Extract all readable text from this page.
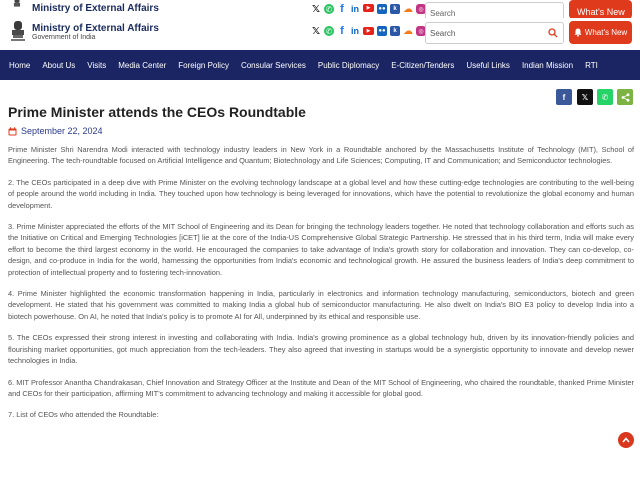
Ministry of External Affairs	𝕏 ✆ f in	▶	●●	k ☁ ◎ Search	What's New
Ministry of External Affairs
Government of India
𝕏 ✆ f in	▶	●●	k ☁ ◎
Search	What's New
Home About Us Visits Media Center Foreign Policy Consular Services Public Diplomacy E-Citizen/Tenders Useful Links Indian Mission RTI
f	𝕏	✆
Prime Minister attends the CEOs Roundtable
September 22, 2024

Prime Minister Shri Narendra Modi interacted with technology industry leaders in New York in a Roundtable anchored by the Massachusetts Institute of Technology (MIT), School of Engineering. The tech-roundtable focused on Artificial Intelligence and Quantum; Biotechnology and Life Sciences; Computing, IT and Communication; and Semiconductor technologies.

2. The CEOs participated in a deep dive with Prime Minister on the evolving technology landscape at a global level and how these cutting-edge technologies are contributing to the well-being of people around the world including in India. They touched upon how technology is being leveraged for innovations, which have the potential to revolutionize the global economy and human development.

3. Prime Minister appreciated the efforts of the MIT School of Engineering and its Dean for bringing the technology leaders together. He noted that technology collaboration and efforts such as the Initiative on Critical and Emerging Technologies [iCET] lie at the core of the India-US Comprehensive Global Strategic Partnership. He stressed that in his third term, India will make every effort to become the third largest economy in the world. He encouraged the companies to take advantage of India's growth story for collaboration and innovation. They can co-develop, co-design, and co-produce in India for the world, harnessing the opportunities from India's economic and technological growth. He assured the business leaders of India's deep commitment to protection of intellectual property and to fostering tech-innovation.

4. Prime Minister highlighted the economic transformation happening in India, particularly in electronics and information technology manufacturing, semiconductors, biotech and green development. He stated that his government was committed to making India a global hub of semiconductor manufacturing. He also dwelt on India's BIO E3 policy to develop India into a biotech powerhouse. On AI, he noted that India's policy is to promote AI for All, underpinned by its ethical and responsible use.

5. The CEOs expressed their strong interest in investing and collaborating with India. India's growing prominence as a global technology hub, driven by its innovation-friendly policies and flourishing market opportunities, got much appreciation from the tech-leaders. They also agreed that investing in startups would be a synergistic opportunity to innovate and develop newer technologies in India.

6. MIT Professor Anantha Chandrakasan, Chief Innovation and Strategy Officer at the Institute and Dean of the MIT School of Engineering, who chaired the roundtable, thanked Prime Minister and CEOs for their participation, affirming MIT's commitment to advancing technology and making it accessible for global good.

7. List of CEOs who attended the Roundtable:
